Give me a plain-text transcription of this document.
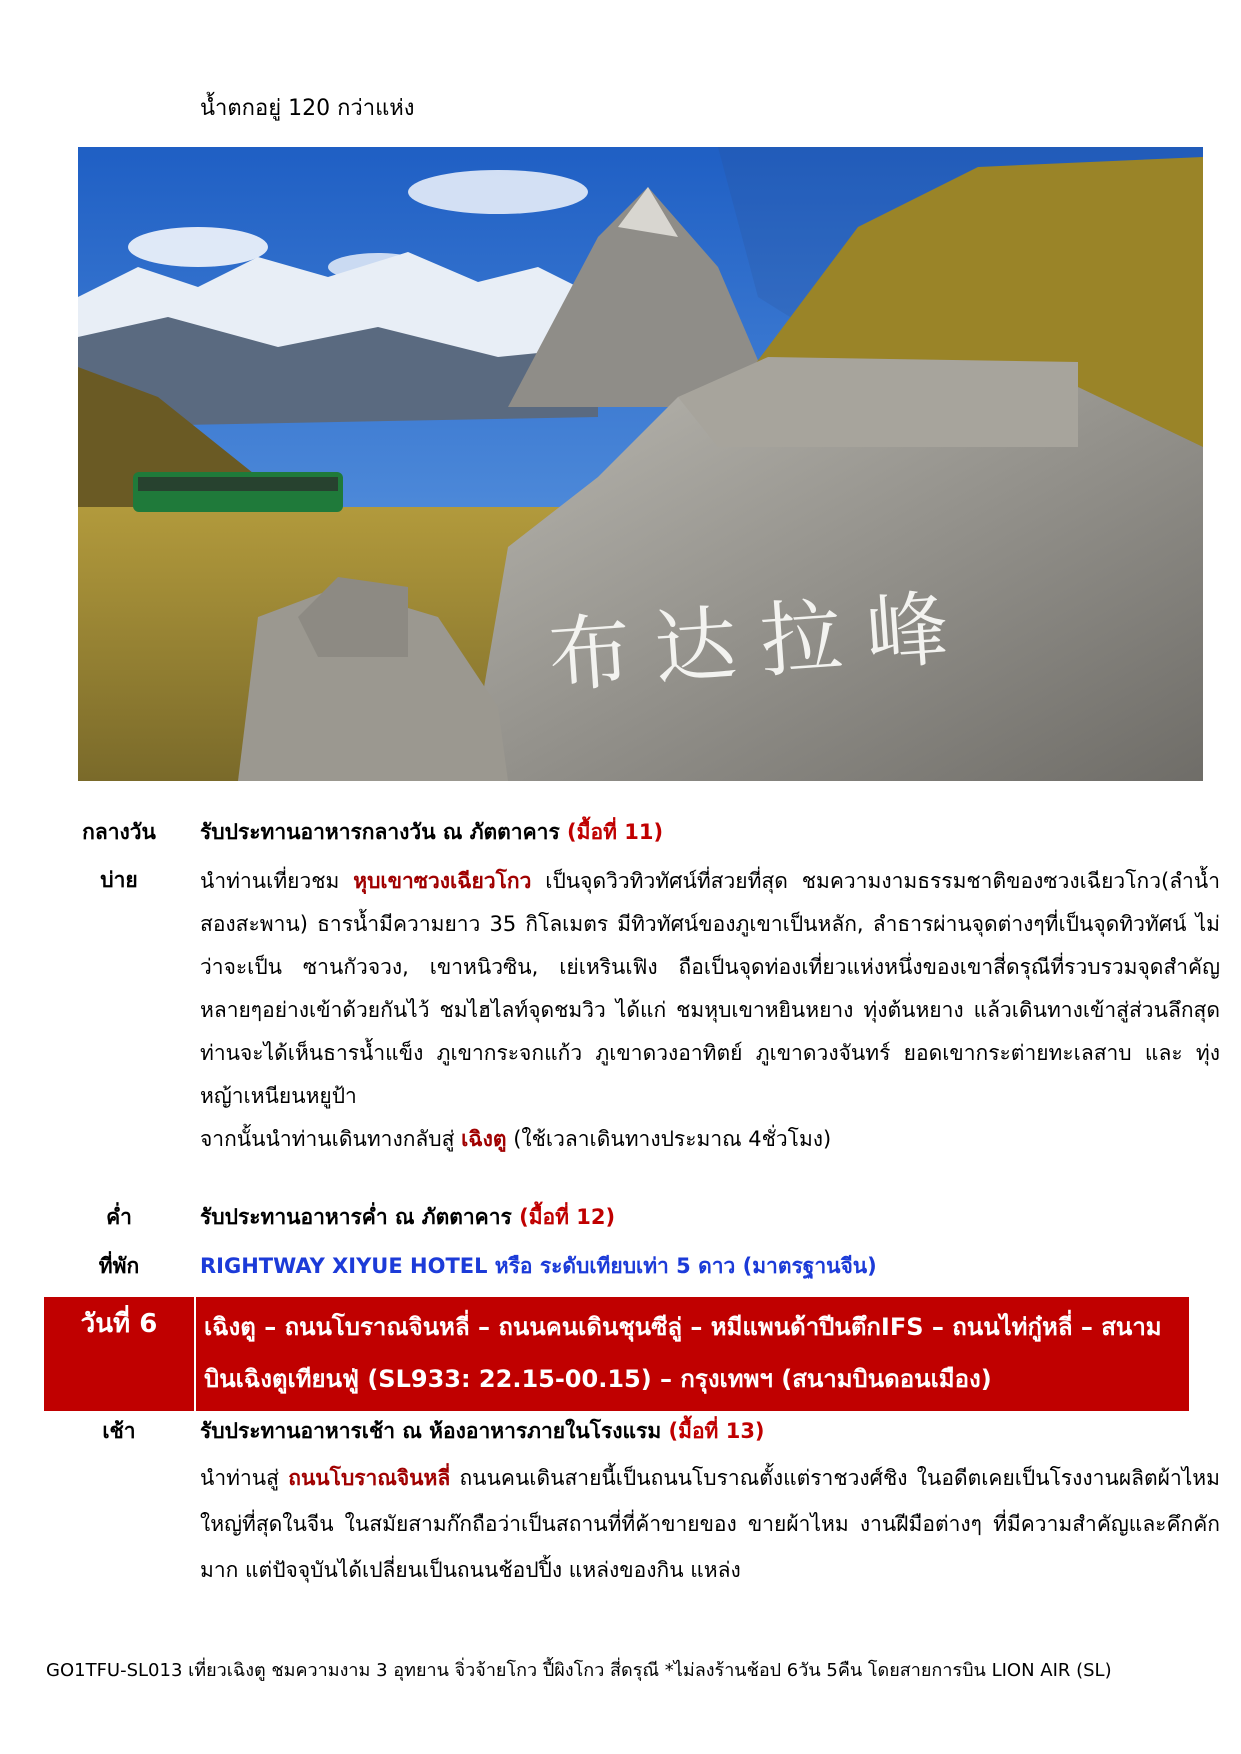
น้ำตกอยู่ 120 กว่าแห่ง
布达拉峰
กลางวัน	รับประทานอาหารกลางวัน ณ ภัตตาคาร (มื้อที่ 11)
บ่าย	นำท่านเที่ยวชม หุบเขาซวงเฉียวโกว เป็นจุดวิวทิวทัศน์ที่สวยที่สุด ชมความงามธรรมชาติของซวงเฉียวโกว(ลำน้ำสองสะพาน) ธารน้ำมีความยาว 35 กิโลเมตร มีทิวทัศน์ของภูเขาเป็นหลัก, ลำธารผ่านจุดต่างๆที่เป็นจุดทิวทัศน์ ไม่ว่าจะเป็น ซานกัวจวง, เขาหนิวซิน, เย่เหรินเฟิง ถือเป็นจุดท่องเที่ยวแห่งหนึ่งของเขาสี่ดรุณีที่รวบรวมจุดสำคัญหลายๆอย่างเข้าด้วยกันไว้ ชมไฮไลท์จุดชมวิว ได้แก่ ชมหุบเขาหยินหยาง ทุ่งต้นหยาง แล้วเดินทางเข้าสู่ส่วนลึกสุด ท่านจะได้เห็นธารน้ำแข็ง ภูเขากระจกแก้ว ภูเขาดวงอาทิตย์ ภูเขาดวงจันทร์ ยอดเขากระต่ายทะเลสาบ และ ทุ่งหญ้าเหนียนหยูป้า
จากนั้นนำท่านเดินทางกลับสู่ เฉิงตู (ใช้เวลาเดินทางประมาณ 4ชั่วโมง)
ค่ำ	รับประทานอาหารค่ำ ณ ภัตตาคาร (มื้อที่ 12)
ที่พัก	RIGHTWAY XIYUE HOTEL หรือ ระดับเทียบเท่า 5 ดาว (มาตรฐานจีน)
วันที่ 6	เฉิงตู – ถนนโบราณจินหลี่ – ถนนคนเดินชุนซีลู่ – หมีแพนด้าปีนตึกIFS – ถนนไท่กู๋หลี่ – สนามบินเฉิงตูเทียนฟู่ (SL933: 22.15-00.15) – กรุงเทพฯ (สนามบินดอนเมือง)
เช้า	รับประทานอาหารเช้า ณ ห้องอาหารภายในโรงแรม (มื้อที่ 13)
นำท่านสู่ ถนนโบราณจินหลี่ ถนนคนเดินสายนี้เป็นถนนโบราณตั้งแต่ราชวงศ์ชิง ในอดีตเคยเป็นโรงงานผลิตผ้าไหมใหญ่ที่สุดในจีน ในสมัยสามก๊กถือว่าเป็นสถานที่ที่ค้าขายของ ขายผ้าไหม งานฝีมือต่างๆ ที่มีความสำคัญและคึกคักมาก แต่ปัจจุบันได้เปลี่ยนเป็นถนนช้อปปิ้ง แหล่งของกิน แหล่ง
GO1TFU-SL013 เที่ยวเฉิงตู ชมความงาม 3 อุทยาน จิ่วจ้ายโกว ปี้ผิงโกว สี่ดรุณี *ไม่ลงร้านช้อป 6วัน 5คืน โดยสายการบิน LION AIR (SL)
